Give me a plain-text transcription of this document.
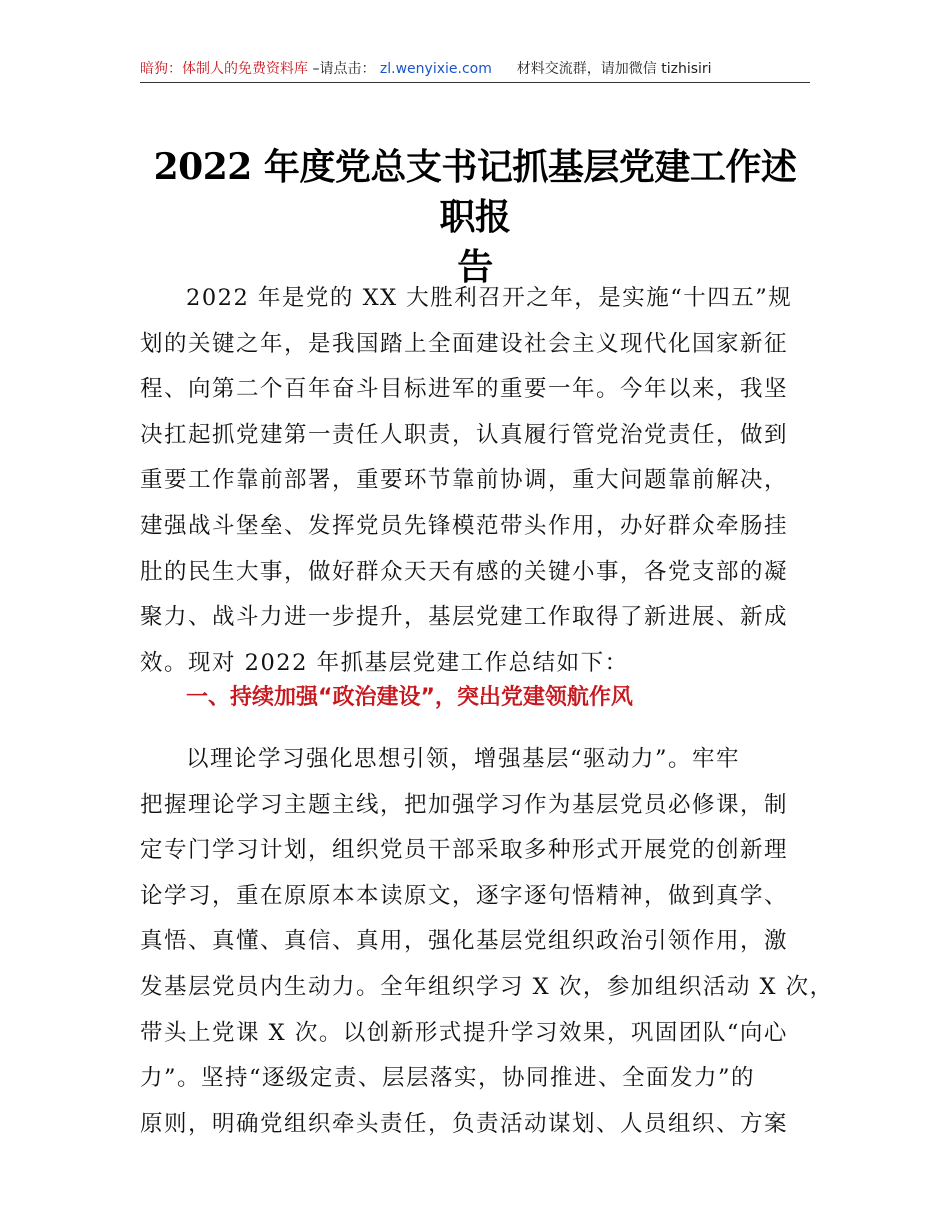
暗狗：体制人的免费资料库 –请点击： zl.wenyixie.com 材料交流群，请加微信 tizhisiri
2022 年度党总支书记抓基层党建工作述职报
告
2022 年是党的 XX 大胜利召开之年，是实施“十四五”规
划的关键之年，是我国踏上全面建设社会主义现代化国家新征
程、向第二个百年奋斗目标进军的重要一年。今年以来，我坚
决扛起抓党建第一责任人职责，认真履行管党治党责任，做到
重要工作靠前部署，重要环节靠前协调，重大问题靠前解决，
建强战斗堡垒、发挥党员先锋模范带头作用，办好群众牵肠挂
肚的民生大事，做好群众天天有感的关键小事，各党支部的凝
聚力、战斗力进一步提升，基层党建工作取得了新进展、新成
效。现对 2022 年抓基层党建工作总结如下：
一、持续加强“政治建设”，突出党建领航作风
以理论学习强化思想引领，增强基层“驱动力”。牢牢
把握理论学习主题主线，把加强学习作为基层党员必修课，制
定专门学习计划，组织党员干部采取多种形式开展党的创新理
论学习，重在原原本本读原文，逐字逐句悟精神，做到真学、
真悟、真懂、真信、真用，强化基层党组织政治引领作用，激
发基层党员内生动力。全年组织学习 X 次，参加组织活动 X 次，
带头上党课 X 次。以创新形式提升学习效果，巩固团队“向心
力”。坚持“逐级定责、层层落实，协同推进、全面发力”的
原则，明确党组织牵头责任，负责活动谋划、人员组织、方案
